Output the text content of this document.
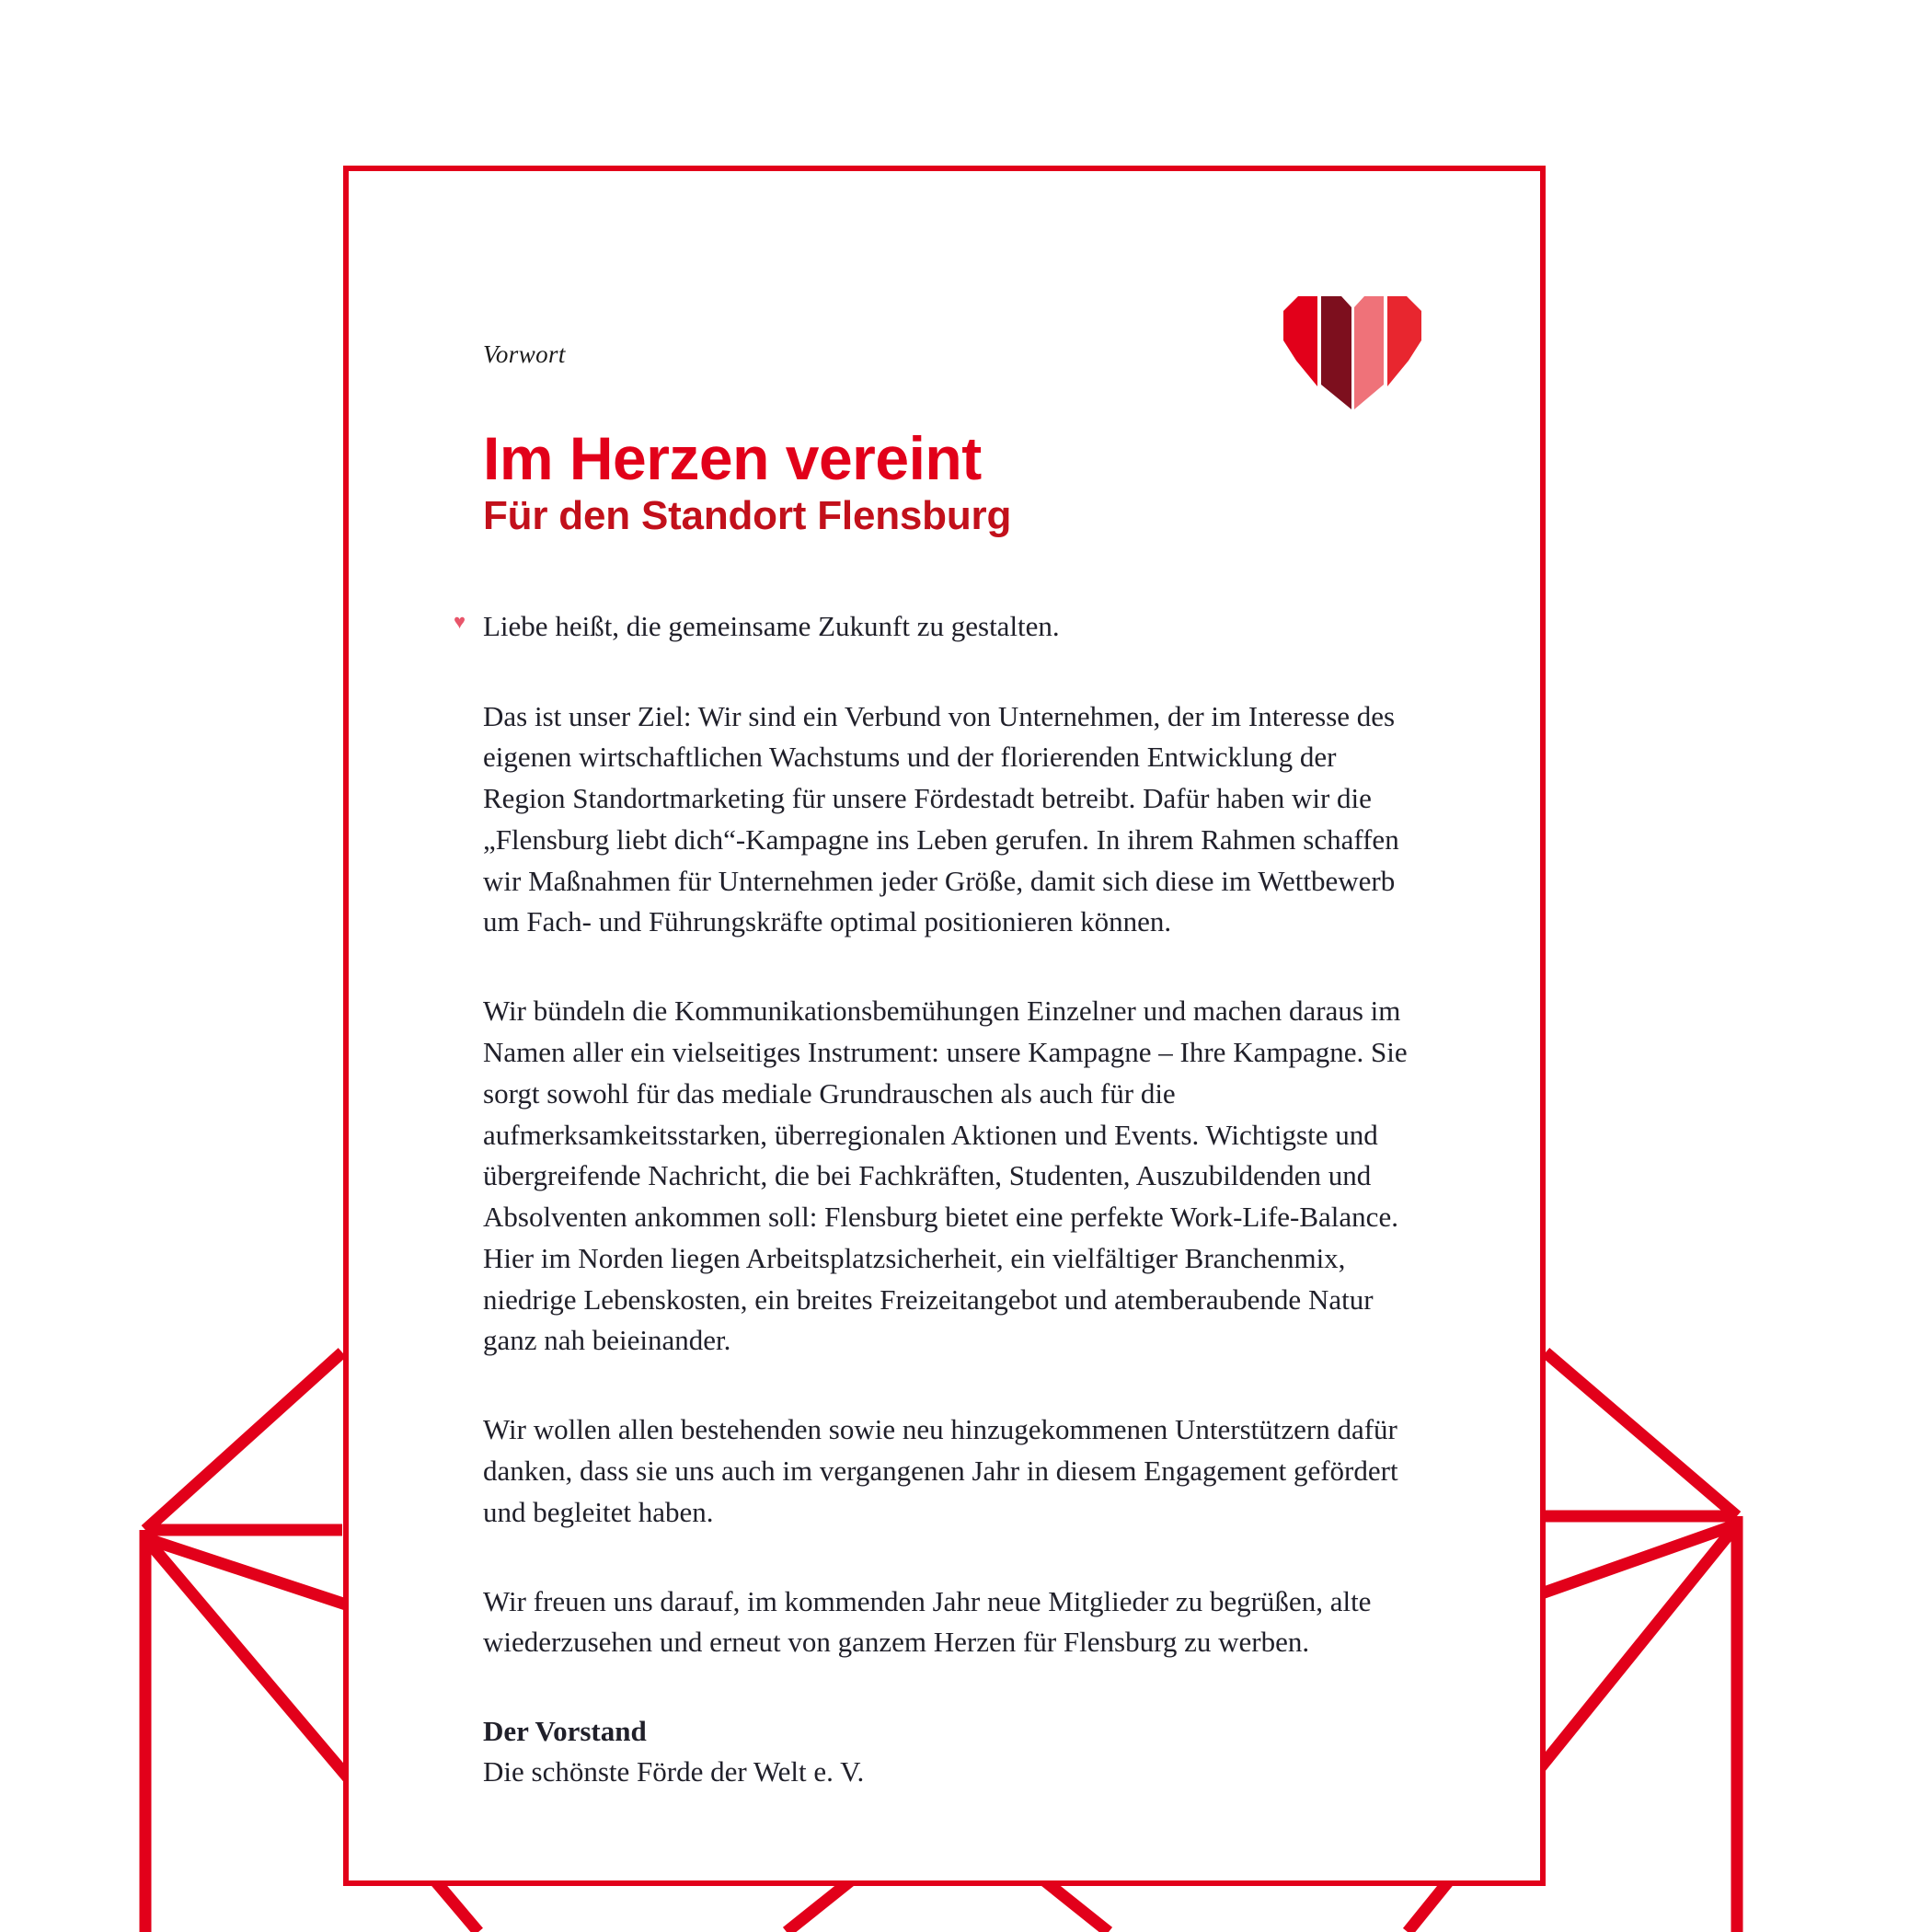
Vorwort
Im Herzen vereint
Für den Standort Flensburg
♥ Liebe heißt, die gemeinsame Zukunft zu gestalten.

Das ist unser Ziel: Wir sind ein Verbund von Unternehmen, der im Interesse des eigenen wirtschaftlichen Wachstums und der florierenden Entwicklung der Region Standortmarketing für unsere Fördestadt betreibt. Dafür haben wir die „Flensburg liebt dich“-Kampagne ins Leben gerufen. In ihrem Rahmen schaffen wir Maßnahmen für Unternehmen jeder Größe, damit sich diese im Wettbewerb um Fach- und Führungskräfte optimal positionieren können.

Wir bündeln die Kommunikationsbemühungen Einzelner und machen daraus im Namen aller ein vielseitiges Instrument: unsere Kampagne – Ihre Kampagne. Sie sorgt sowohl für das mediale Grundrauschen als auch für die aufmerksamkeitsstarken, überregionalen Aktionen und Events. Wichtigste und übergreifende Nachricht, die bei Fachkräften, Studenten, Auszubildenden und Absolventen ankommen soll: Flensburg bietet eine perfekte Work-Life-Balance. Hier im Norden liegen Arbeitsplatzsicherheit, ein vielfältiger Branchenmix, niedrige Lebenskosten, ein breites Freizeitangebot und atemberaubende Natur ganz nah beieinander.

Wir wollen allen bestehenden sowie neu hinzugekommenen Unterstützern dafür danken, dass sie uns auch im vergangenen Jahr in diesem Engagement gefördert und begleitet haben.

Wir freuen uns darauf, im kommenden Jahr neue Mitglieder zu begrüßen, alte wiederzusehen und erneut von ganzem Herzen für Flensburg zu werben.

Der Vorstand
Die schönste Förde der Welt e. V.
